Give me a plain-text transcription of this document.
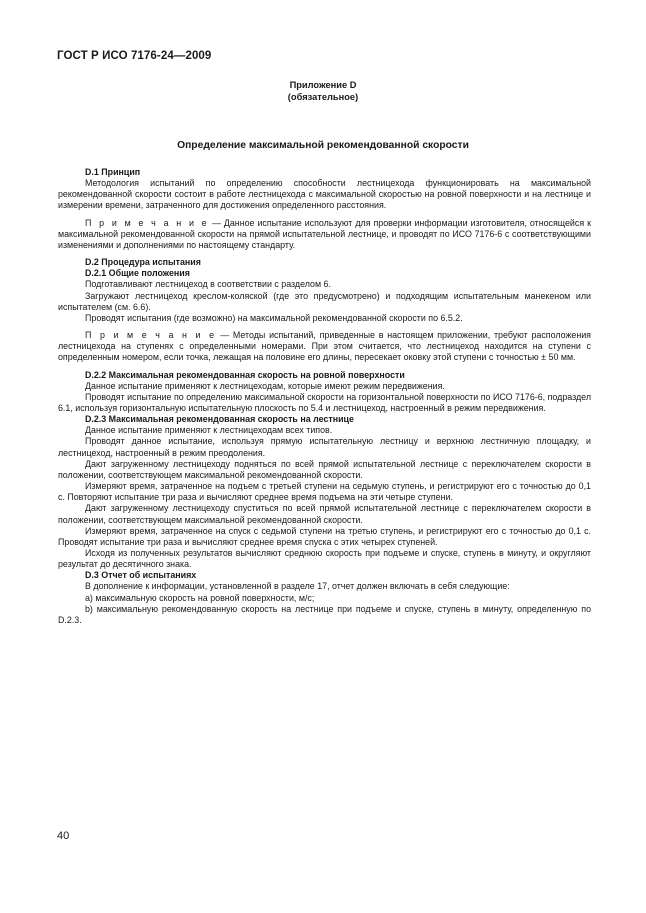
ГОСТ Р ИСО 7176-24—2009
Приложение D
(обязательное)
Определение максимальной рекомендованной скорости

D.1 Принцип

Методология испытаний по определению способности лестницехода функционировать на максимальной рекомендованной скорости состоит в работе лестницехода с максимальной скоростью на ровной поверхности и на лестнице и измерении времени, затраченного для достижения определенного расстояния.

П р и м е ч а н и е — Данное испытание используют для проверки информации изготовителя, относящейся к максимальной рекомендованной скорости на прямой испытательной лестнице, и проводят по ИСО 7176-6 с соответствующими изменениями и дополнениями по настоящему стандарту.

D.2 Процедура испытания

D.2.1 Общие положения

Подготавливают лестницеход в соответствии с разделом 6.

Загружают лестницеход креслом-коляской (где это предусмотрено) и подходящим испытательным манекеном или испытателем (см. 6.6).

Проводят испытания (где возможно) на максимальной рекомендованной скорости по 6.5.2.

П р и м е ч а н и е — Методы испытаний, приведенные в настоящем приложении, требуют расположения лестницехода на ступенях с определенными номерами. При этом считается, что лестницеход находится на ступени с определенным номером, если точка, лежащая на половине его длины, пересекает оковку этой ступени с точностью ± 50 мм.

D.2.2 Максимальная рекомендованная скорость на ровной поверхности

Данное испытание применяют к лестницеходам, которые имеют режим передвижения.

Проводят испытание по определению максимальной скорости на горизонтальной поверхности по ИСО 7176-6, подраздел 6.1, используя горизонтальную испытательную плоскость по 5.4 и лестницеход, настроенный в режим передвижения.

D.2.3 Максимальная рекомендованная скорость на лестнице

Данное испытание применяют к лестницеходам всех типов.

Проводят данное испытание, используя прямую испытательную лестницу и верхнюю лестничную площадку, и лестницеход, настроенный в режим преодоления.

Дают загруженному лестницеходу подняться по всей прямой испытательной лестнице с переключателем скорости в положении, соответствующем максимальной рекомендованной скорости.

Измеряют время, затраченное на подъем с третьей ступени на седьмую ступень, и регистрируют его с точностью до 0,1 с. Повторяют испытание три раза и вычисляют среднее время подъема на эти четыре ступени.

Дают загруженному лестницеходу спуститься по всей прямой испытательной лестнице с переключателем скорости в положении, соответствующем максимальной рекомендованной скорости.

Измеряют время, затраченное на спуск с седьмой ступени на третью ступень, и регистрируют его с точностью до 0,1 с. Проводят испытание три раза и вычисляют среднее время спуска с этих четырех ступеней.

Исходя из полученных результатов вычисляют среднюю скорость при подъеме и спуске, ступень в минуту, и округляют результат до десятичного знака.

D.3 Отчет об испытаниях

В дополнение к информации, установленной в разделе 17, отчет должен включать в себя следующие:

а) максимальную скорость на ровной поверхности, м/с;

b) максимальную рекомендованную скорость на лестнице при подъеме и спуске, ступень в минуту, определенную по D.2.3.

40
